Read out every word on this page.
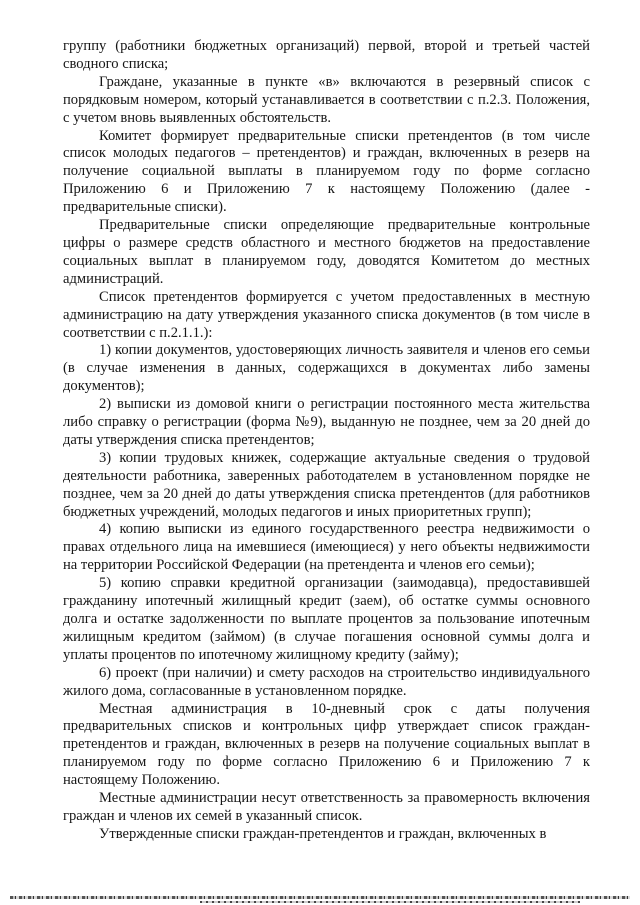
группу (работники бюджетных организаций) первой, второй и третьей частей сводного списка;

Граждане, указанные в пункте «в» включаются в резервный список с порядковым номером, который устанавливается в соответствии с п.2.3. Положения, с учетом вновь выявленных обстоятельств.

Комитет формирует предварительные списки претендентов (в том числе список молодых педагогов – претендентов) и граждан, включенных в резерв на получение социальной выплаты в планируемом году по форме согласно Приложению 6 и Приложению 7 к настоящему Положению (далее - предварительные списки).

Предварительные списки определяющие предварительные контрольные цифры о размере средств областного и местного бюджетов на предоставление социальных выплат в планируемом году, доводятся Комитетом до местных администраций.

Список претендентов формируется с учетом предоставленных в местную администрацию на дату утверждения указанного списка документов (в том числе в соответствии с п.2.1.1.):

1) копии документов, удостоверяющих личность заявителя и членов его семьи (в случае изменения в данных, содержащихся в документах либо замены документов);

2) выписки из домовой книги о регистрации постоянного места жительства либо справку о регистрации (форма №9), выданную не позднее, чем за 20 дней до даты утверждения списка претендентов;

3) копии трудовых книжек, содержащие актуальные сведения о трудовой деятельности работника, заверенных работодателем в установленном порядке не позднее, чем за 20 дней до даты утверждения списка претендентов (для работников бюджетных учреждений, молодых педагогов и иных приоритетных групп);

4) копию выписки из единого государственного реестра недвижимости о правах отдельного лица на имевшиеся (имеющиеся) у него объекты недвижимости на территории Российской Федерации (на претендента и членов его семьи);

5) копию справки кредитной организации (заимодавца), предоставившей гражданину ипотечный жилищный кредит (заем), об остатке суммы основного долга и остатке задолженности по выплате процентов за пользование ипотечным жилищным кредитом (займом) (в случае погашения основной суммы долга и уплаты процентов по ипотечному жилищному кредиту (займу);

6) проект (при наличии) и смету расходов на строительство индивидуального жилого дома, согласованные в установленном порядке.

Местная администрация в 10-дневный срок с даты получения предварительных списков и контрольных цифр утверждает список граждан-претендентов и граждан, включенных в резерв на получение социальных выплат в планируемом году по форме согласно Приложению 6 и Приложению 7 к настоящему Положению.

Местные администрации несут ответственность за правомерность включения граждан и членов их семей в указанный список.

Утвержденные списки граждан-претендентов и граждан, включенных в
